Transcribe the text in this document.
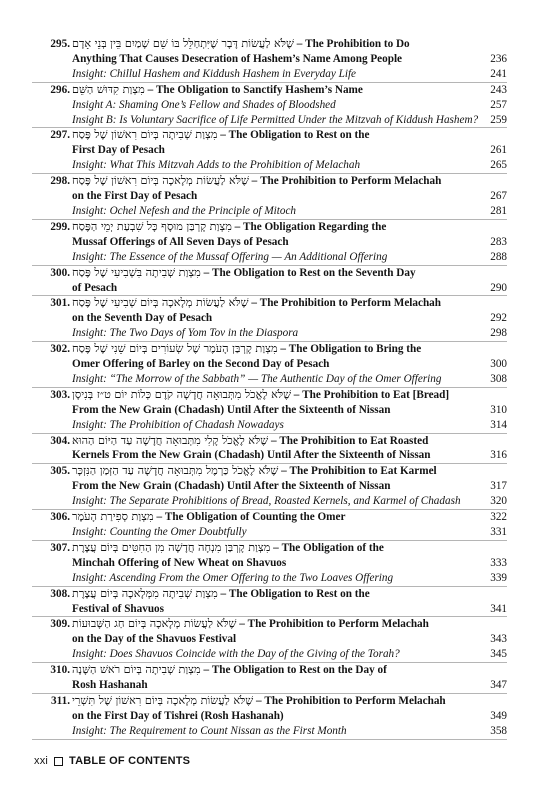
295. שֶׁלֹּא לַעֲשׂוֹת דָּבָר שֶׁיִּתְחַלֵּל בּוֹ שֵׁם שָׁמַיִם בֵּין בְּנֵי אָדָם – The Prohibition to Do
Anything That Causes Desecration of Hashem’s Name Among People	236
Insight: Chillul Hashem and Kiddush Hashem in Everyday Life	241
296. מִצְוַת קִדּוּשׁ הַשֵּׁם – The Obligation to Sanctify Hashem’s Name	243
Insight A: Shaming One’s Fellow and Shades of Bloodshed	257
Insight B: Is Voluntary Sacrifice of Life Permitted Under the Mitzvah of Kiddush Hashem?	259
297. מִצְוַת שְׁבִיתָה בְּיוֹם רִאשׁוֹן שֶׁל פֶּסַח – The Obligation to Rest on the
First Day of Pesach	261
Insight: What This Mitzvah Adds to the Prohibition of Melachah	265
298. שֶׁלֹּא לַעֲשׂוֹת מְלָאכָה בְּיוֹם רִאשׁוֹן שֶׁל פֶּסַח – The Prohibition to Perform Melachah
on the First Day of Pesach	267
Insight: Ochel Nefesh and the Principle of Mitoch	281
299. מִצְוַת קָרְבַּן מוּסָף כָּל שִׁבְעַת יְמֵי הַפֶּסַח – The Obligation Regarding the
Mussaf Offerings of All Seven Days of Pesach	283
Insight: The Essence of the Mussaf Offering — An Additional Offering	288
300. מִצְוַת שְׁבִיתָה בִּשְׁבִיעִי שֶׁל פֶּסַח – The Obligation to Rest on the Seventh Day
of Pesach	290
301. שֶׁלֹּא לַעֲשׂוֹת מְלָאכָה בְּיוֹם שְׁבִיעִי שֶׁל פֶּסַח – The Prohibition to Perform Melachah
on the Seventh Day of Pesach	292
Insight: The Two Days of Yom Tov in the Diaspora	298
302. מִצְוַת קָרְבַּן הָעֹמֶר שֶׁל שְׂעוֹרִים בְּיוֹם שֵׁנִי שֶׁל פֶּסַח – The Obligation to Bring the
Omer Offering of Barley on the Second Day of Pesach	300
Insight: “The Morrow of the Sabbath” — The Authentic Day of the Omer Offering	308
303. שֶׁלֹּא לֶאֱכֹל מִתְּבוּאָה חֲדָשָׁה קֹדֶם כְּלוֹת יוֹם ט״ז בְּנִיסָן – The Prohibition to Eat [Bread]
From the New Grain (Chadash) Until After the Sixteenth of Nissan	310
Insight: The Prohibition of Chadash Nowadays	314
304. שֶׁלֹּא לֶאֱכֹל קָלִי מִתְּבוּאָה חֲדָשָׁה עַד הַיּוֹם הַהוּא – The Prohibition to Eat Roasted
Kernels From the New Grain (Chadash) Until After the Sixteenth of Nissan	316
305. שֶׁלֹּא לֶאֱכֹל כַּרְמֶל מִתְּבוּאָה חֲדָשָׁה עַד הַזְּמַן הַנִּזְכָּר – The Prohibition to Eat Karmel
From the New Grain (Chadash) Until After the Sixteenth of Nissan	317
Insight: The Separate Prohibitions of Bread, Roasted Kernels, and Karmel of Chadash	320
306. מִצְוַת סְפִירַת הָעֹמֶר – The Obligation of Counting the Omer	322
Insight: Counting the Omer Doubtfully	331
307. מִצְוַת קָרְבַּן מִנְחָה חֲדָשָׁה מִן הַחִטִּים בְּיוֹם עֲצֶרֶת – The Obligation of the
Minchah Offering of New Wheat on Shavuos	333
Insight: Ascending From the Omer Offering to the Two Loaves Offering	339
308. מִצְוַת שְׁבִיתָה מִמְּלָאכָה בְּיוֹם עֲצֶרֶת – The Obligation to Rest on the
Festival of Shavuos	341
309. שֶׁלֹּא לַעֲשׂוֹת מְלָאכָה בְּיוֹם חַג הַשָּׁבוּעוֹת – The Prohibition to Perform Melachah
on the Day of the Shavuos Festival	343
Insight: Does Shavuos Coincide with the Day of the Giving of the Torah?	345
310. מִצְוַת שְׁבִיתָה בְּיוֹם רֹאשׁ הַשָּׁנָה – The Obligation to Rest on the Day of
Rosh Hashanah	347
311. שֶׁלֹּא לַעֲשׂוֹת מְלָאכָה בְּיוֹם רִאשׁוֹן שֶׁל תִּשְׁרֵי – The Prohibition to Perform Melachah
on the First Day of Tishrei (Rosh Hashanah)	349
Insight: The Requirement to Count Nissan as the First Month	358
xxi TABLE OF CONTENTS
